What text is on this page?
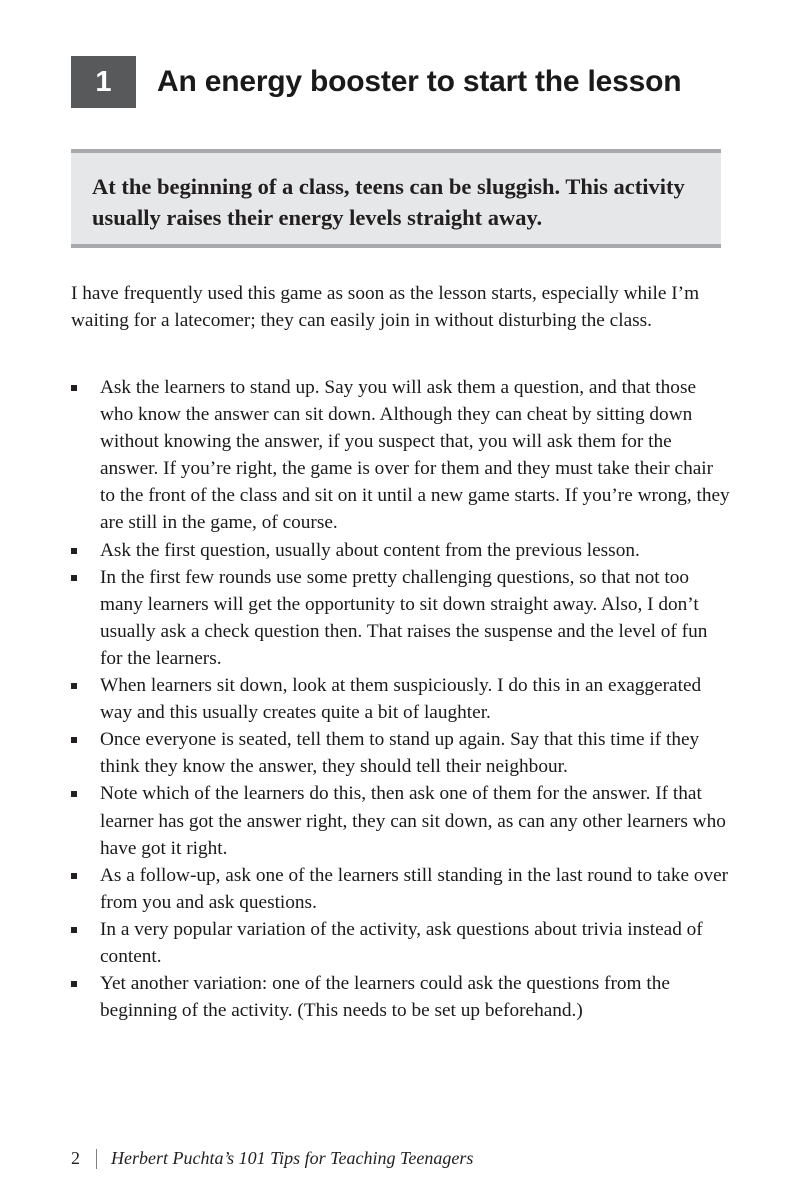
1	An energy booster to start the lesson

At the beginning of a class, teens can be sluggish. This activity usually raises their energy levels straight away.

I have frequently used this game as soon as the lesson starts, especially while I’m waiting for a latecomer; they can easily join in without disturbing the class.

Ask the learners to stand up. Say you will ask them a question, and that those who know the answer can sit down. Although they can cheat by sitting down without knowing the answer, if you suspect that, you will ask them for the answer. If you’re right, the game is over for them and they must take their chair to the front of the class and sit on it until a new game starts. If you’re wrong, they are still in the game, of course.
Ask the first question, usually about content from the previous lesson.
In the first few rounds use some pretty challenging questions, so that not too many learners will get the opportunity to sit down straight away. Also, I don’t usually ask a check question then. That raises the suspense and the level of fun for the learners.
When learners sit down, look at them suspiciously. I do this in an exaggerated way and this usually creates quite a bit of laughter.
Once everyone is seated, tell them to stand up again. Say that this time if they think they know the answer, they should tell their neighbour.
Note which of the learners do this, then ask one of them for the answer. If that learner has got the answer right, they can sit down, as can any other learners who have got it right.
As a follow-up, ask one of the learners still standing in the last round to take over from you and ask questions.
In a very popular variation of the activity, ask questions about trivia instead of content.
Yet another variation: one of the learners could ask the questions from the beginning of the activity. (This needs to be set up beforehand.)
2 Herbert Puchta’s 101 Tips for Teaching Teenagers
